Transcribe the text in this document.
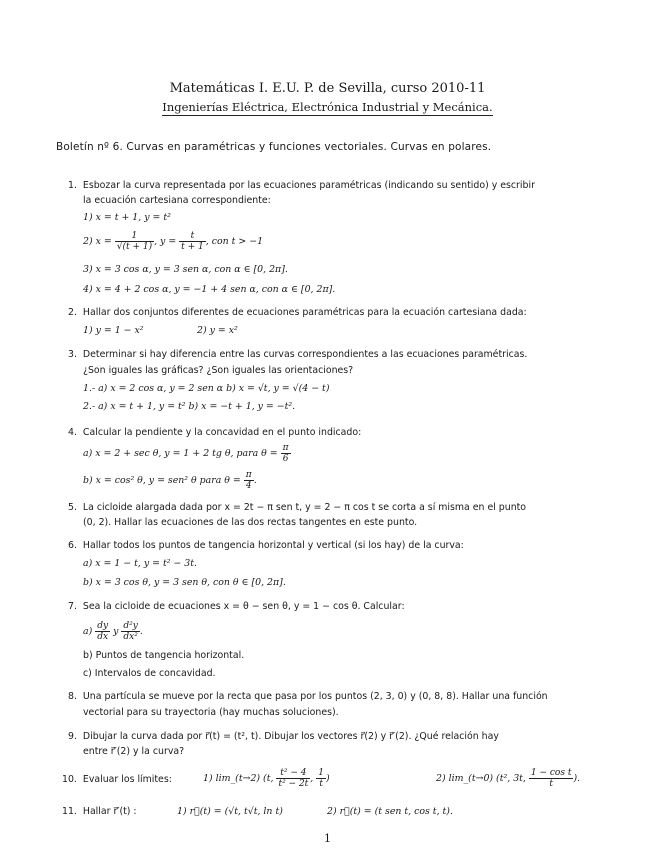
Matemáticas I. E.U. P. de Sevilla, curso 2010-11
Ingenierías Eléctrica, Electrónica Industrial y Mecánica.
Boletín nº 6. Curvas en paramétricas y funciones vectoriales. Curvas en polares.
1. Esbozar la curva representada por las ecuaciones paramétricas (indicando su sentido) y escribir
la ecuación cartesiana correspondiente:
1) x = t + 1, y = t²
2) $x = \frac{1}{√(t + 1)}$ , $y = \frac{t}{t + 1}$ , con t > −1
3) x = 3 cos α, y = 3 sen α, con α ∈ [0, 2π].
4) x = 4 + 2 cos α, y = −1 + 4 sen α, con α ∈ [0, 2π].
2. Hallar dos conjuntos diferentes de ecuaciones paramétricas para la ecuación cartesiana dada:
1) y = 1 − x²	2) y = x²
3. Determinar si hay diferencia entre las curvas correspondientes a las ecuaciones paramétricas.
¿Son iguales las gráficas? ¿Son iguales las orientaciones?
1.- a) x = 2 cos α, y = 2 sen α b) x = √t, y = √(4 − t)
2.- a) x = t + 1, y = t² b) x = −t + 1, y = −t².
4. Calcular la pendiente y la concavidad en el punto indicado:
a) x = 2 + sec θ, y = 1 + 2 tg θ, para $\theta = \frac{\pi}{6}$
b) x = cos² θ, y = sen² θ para $\theta = \frac{\pi}{4}$ .
5. La cicloide alargada dada por x = 2t − π sen t, y = 2 − π cos t se corta a sí misma en el punto
(0, 2). Hallar las ecuaciones de las dos rectas tangentes en este punto.
6. Hallar todos los puntos de tangencia horizontal y vertical (si los hay) de la curva:
a) x = 1 − t, y = t² − 3t.
b) x = 3 cos θ, y = 3 sen θ, con θ ∈ [0, 2π].
7. Sea la cicloide de ecuaciones x = θ − sen θ, y = 1 − cos θ. Calcular:
$a) \frac{dy}{dx}$ y $\frac{\text{d²y}}{\text{dx²}}$ .
b) Puntos de tangencia horizontal.
c) Intervalos de concavidad.
8. Una partícula se mueve por la recta que pasa por los puntos (2, 3, 0) y (0, 8, 8). Hallar una función
vectorial para su trayectoria (hay muchas soluciones).
9. Dibujar la curva dada por r⃗(t) = (t², t). Dibujar los vectores r⃗(2) y r⃗′(2). ¿Qué relación hay
entre r⃗′(2) y la curva?
10. Evaluar los límites:	1) lim_(t→2) (t, $\frac{\text{t² − 4}}{\text{t² − 2t}}$ , $\frac{1}{t}$ )	2) lim_(t→0) (t², 3t, $\frac{\text{1 − cos t}}{t}$ ).
11. Hallar r⃗′(t) :	1) r⃗(t) = (√t, t√t, ln t)	2) r⃗(t) = (t sen t, cos t, t).
1
